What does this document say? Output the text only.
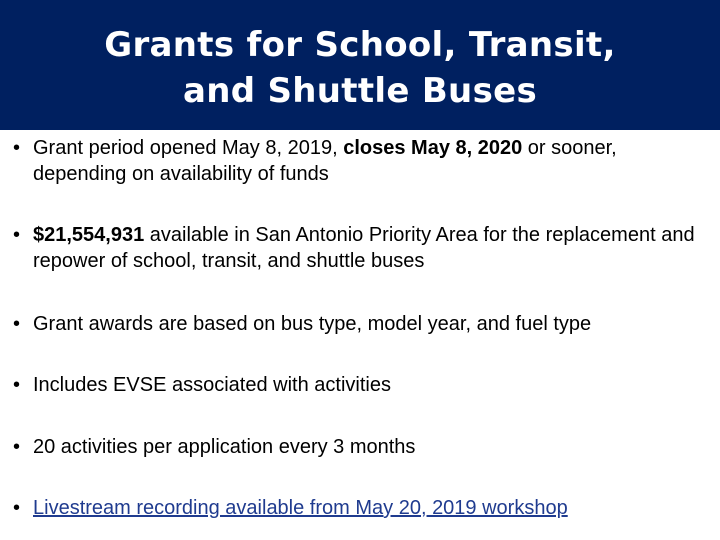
Grants for School, Transit,
and Shuttle Buses
• Grant period opened May 8, 2019, closes May 8, 2020 or sooner, depending on availability of funds
• $21,554,931 available in San Antonio Priority Area for the replacement and repower of school, transit, and shuttle buses
• Grant awards are based on bus type, model year, and fuel type
• Includes EVSE associated with activities
• 20 activities per application every 3 months
• Livestream recording available from May 20, 2019 workshop
